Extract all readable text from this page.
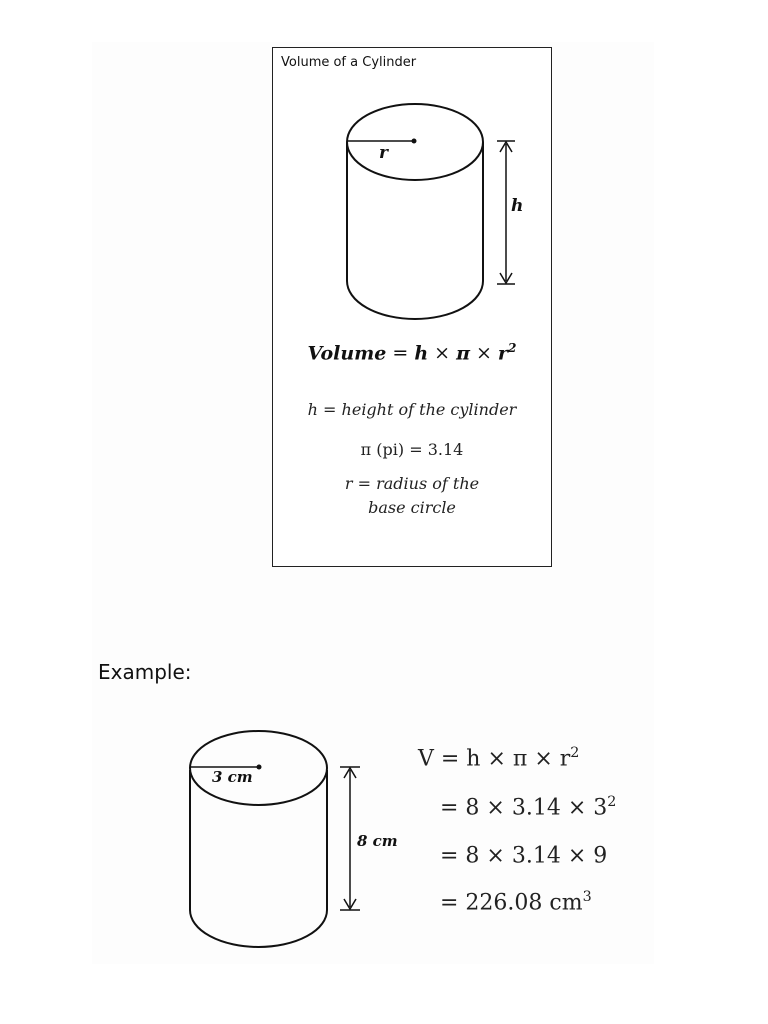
Volume of a Cylinder
r
h
Volume = $h \times \pi \times r^2$
h = height of the cylinder
π (pi) = 3.14
r = radius of the
base circle
Example:
3 cm
8 cm
$V = h \times \pi \times r^2$
= $8 \times 3.14 \times 3^2$
= 8 × 3.14 × 9
= 226.08 $cm^3$
